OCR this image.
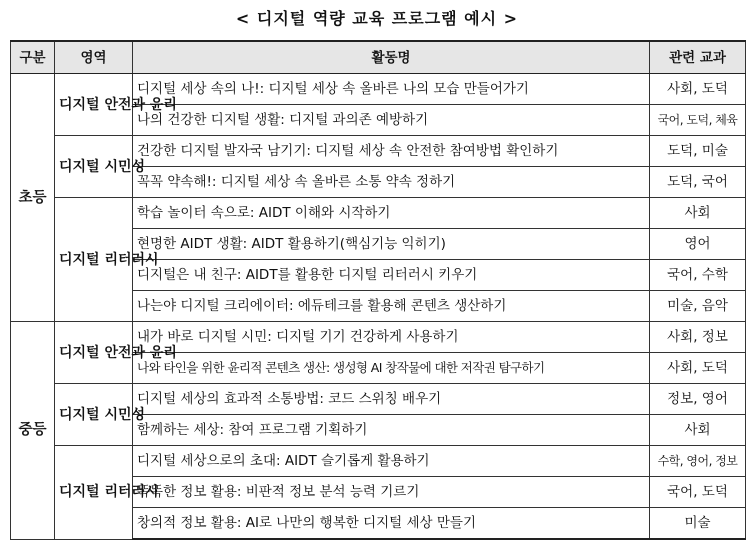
< 디지털 역량 교육 프로그램 예시 >
구분	영역	활동명	관련 교과
초등	디지털 안전과 윤리	디지털 세상 속의 나!: 디지털 세상 속 올바른 나의 모습 만들어가기	사회, 도덕
		나의 건강한 디지털 생활: 디지털 과의존 예방하기	국어, 도덕, 체육
	디지털 시민성	건강한 디지털 발자국 남기기: 디지털 세상 속 안전한 참여방법 확인하기	도덕, 미술
		꼭꼭 약속해!: 디지털 세상 속 올바른 소통 약속 정하기	도덕, 국어
	디지털 리터러시	학습 놀이터 속으로: AIDT 이해와 시작하기	사회
		현명한 AIDT 생활: AIDT 활용하기(핵심기능 익히기)	영어
		디지털은 내 친구: AIDT를 활용한 디지털 리터러시 키우기	국어, 수학
		나는야 디지털 크리에이터: 에듀테크를 활용해 콘텐츠 생산하기	미술, 음악
중등	디지털 안전과 윤리	내가 바로 디지털 시민: 디지털 기기 건강하게 사용하기	사회, 정보
		나와 타인을 위한 윤리적 콘텐츠 생산: 생성형 AI 창작물에 대한 저작권 탐구하기	사회, 도덕
	디지털 시민성	디지털 세상의 효과적 소통방법: 코드 스위칭 배우기	정보, 영어
		함께하는 세상: 참여 프로그램 기획하기	사회
	디지털 리터러시	디지털 세상으로의 초대: AIDT 슬기롭게 활용하기	수학, 영어, 정보
		똑똑한 정보 활용: 비판적 정보 분석 능력 기르기	국어, 도덕
		창의적 정보 활용: AI로 나만의 행복한 디지털 세상 만들기	미술
